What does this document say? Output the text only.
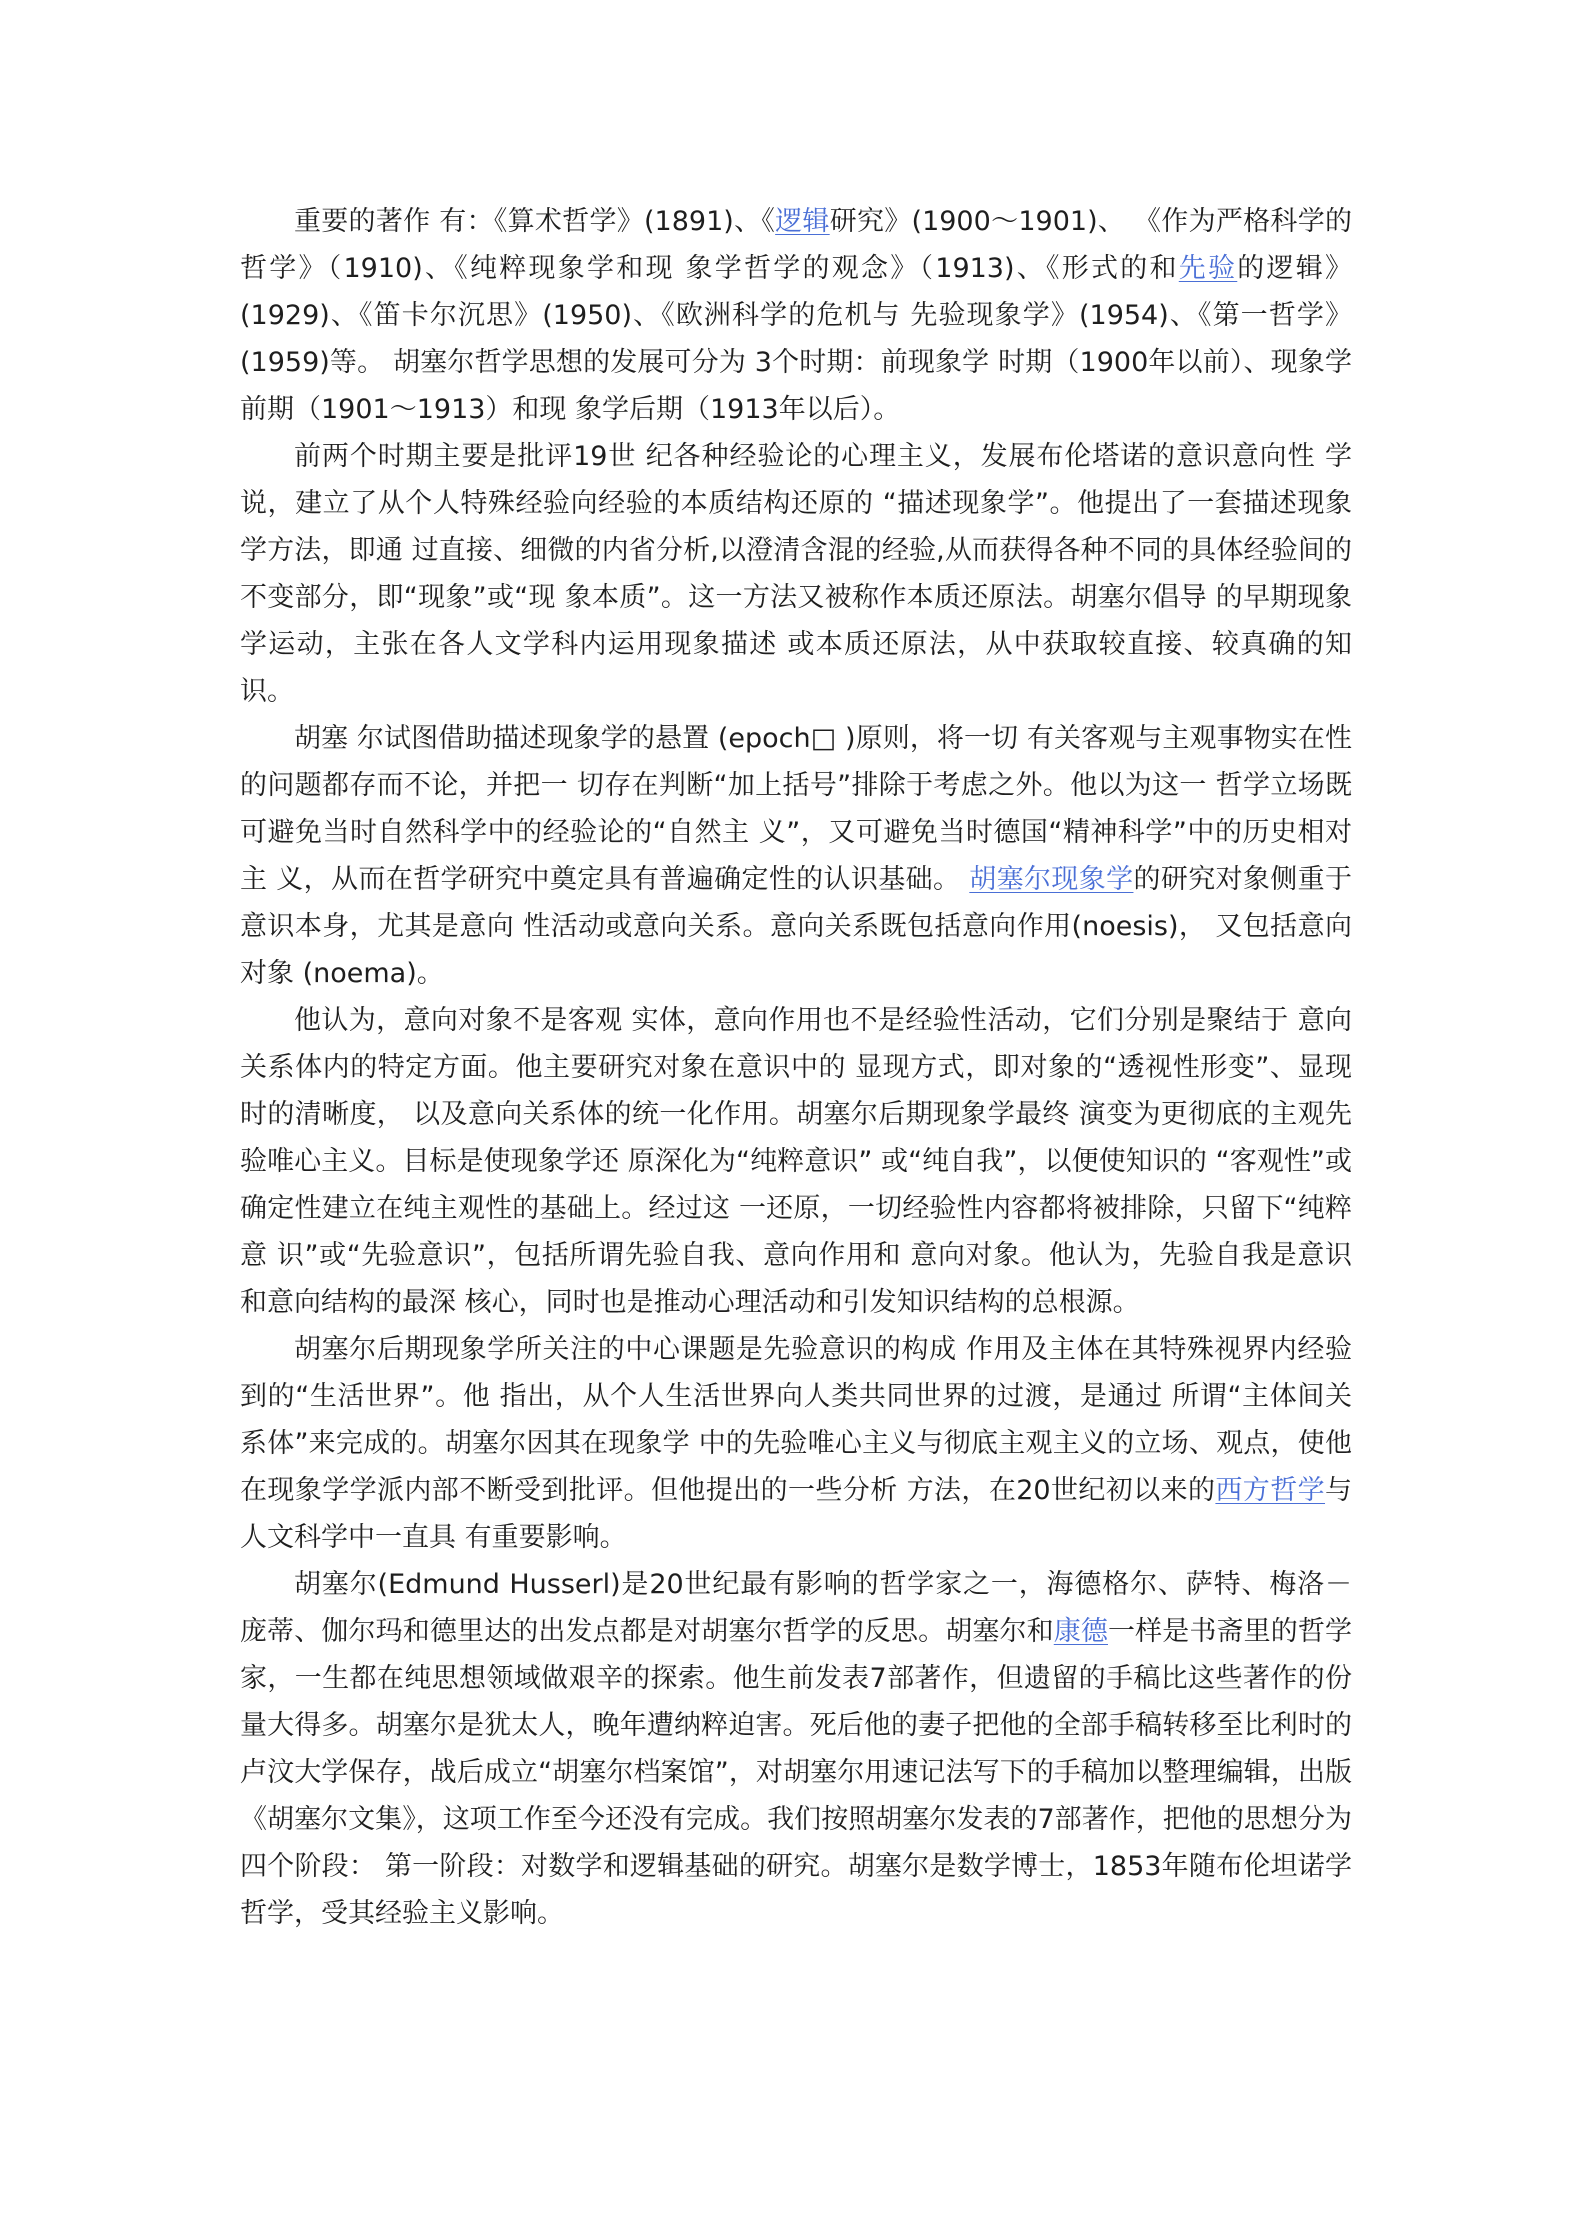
重要的著作 有：《算术哲学》(1891)、《逻辑研究》(1900～1901)、 《作为严格科学的哲学》（1910)、《纯粹现象学和现 象学哲学的观念》（1913)、《形式的和先验的逻辑》 (1929)、《笛卡尔沉思》(1950)、《欧洲科学的危机与 先验现象学》(1954)、《第一哲学》(1959)等。 胡塞尔哲学思想的发展可分为 3个时期：前现象学 时期（1900年以前）、现象学前期（1901～1913）和现 象学后期（1913年以后）。

前两个时期主要是批评19世 纪各种经验论的心理主义，发展布伦塔诺的意识意向性 学说，建立了从个人特殊经验向经验的本质结构还原的 “描述现象学”。他提出了一套描述现象学方法，即通 过直接、细微的内省分析,以澄清含混的经验,从而获得各种不同的具体经验间的不变部分，即“现象”或“现 象本质”。这一方法又被称作本质还原法。胡塞尔倡导 的早期现象学运动，主张在各人文学科内运用现象描述 或本质还原法，从中获取较直接、较真确的知识。

胡塞 尔试图借助描述现象学的悬置 (epoch□ )原则，将一切 有关客观与主观事物实在性的问题都存而不论，并把一 切存在判断“加上括号”排除于考虑之外。他以为这一 哲学立场既可避免当时自然科学中的经验论的“自然主 义”，又可避免当时德国“精神科学”中的历史相对主 义，从而在哲学研究中奠定具有普遍确定性的认识基础。 胡塞尔现象学的研究对象侧重于意识本身，尤其是意向 性活动或意向关系。意向关系既包括意向作用(noesis)， 又包括意向对象 (noema)。

他认为，意向对象不是客观 实体，意向作用也不是经验性活动，它们分别是聚结于 意向关系体内的特定方面。他主要研究对象在意识中的 显现方式，即对象的“透视性形变”、显现时的清晰度， 以及意向关系体的统一化作用。胡塞尔后期现象学最终 演变为更彻底的主观先验唯心主义。目标是使现象学还 原深化为“纯粹意识” 或“纯自我”，以便使知识的 “客观性”或确定性建立在纯主观性的基础上。经过这 一还原，一切经验性内容都将被排除，只留下“纯粹意 识”或“先验意识”，包括所谓先验自我、意向作用和 意向对象。他认为，先验自我是意识和意向结构的最深 核心，同时也是推动心理活动和引发知识结构的总根源。

胡塞尔后期现象学所关注的中心课题是先验意识的构成 作用及主体在其特殊视界内经验到的“生活世界”。他 指出，从个人生活世界向人类共同世界的过渡，是通过 所谓“主体间关系体”来完成的。胡塞尔因其在现象学 中的先验唯心主义与彻底主观主义的立场、观点，使他 在现象学学派内部不断受到批评。但他提出的一些分析 方法，在20世纪初以来的西方哲学与人文科学中一直具 有重要影响。

胡塞尔(Edmund Husserl)是20世纪最有影响的哲学家之一，海德格尔、萨特、梅洛－庞蒂、伽尔玛和德里达的出发点都是对胡塞尔哲学的反思。胡塞尔和康德一样是书斋里的哲学家，一生都在纯思想领域做艰辛的探索。他生前发表7部著作，但遗留的手稿比这些著作的份量大得多。胡塞尔是犹太人，晚年遭纳粹迫害。死后他的妻子把他的全部手稿转移至比利时的卢汶大学保存，战后成立“胡塞尔档案馆”，对胡塞尔用速记法写下的手稿加以整理编辑，出版《胡塞尔文集》，这项工作至今还没有完成。我们按照胡塞尔发表的7部著作，把他的思想分为四个阶段： 第一阶段：对数学和逻辑基础的研究。胡塞尔是数学博士，1853年随布伦坦诺学哲学，受其经验主义影响。
